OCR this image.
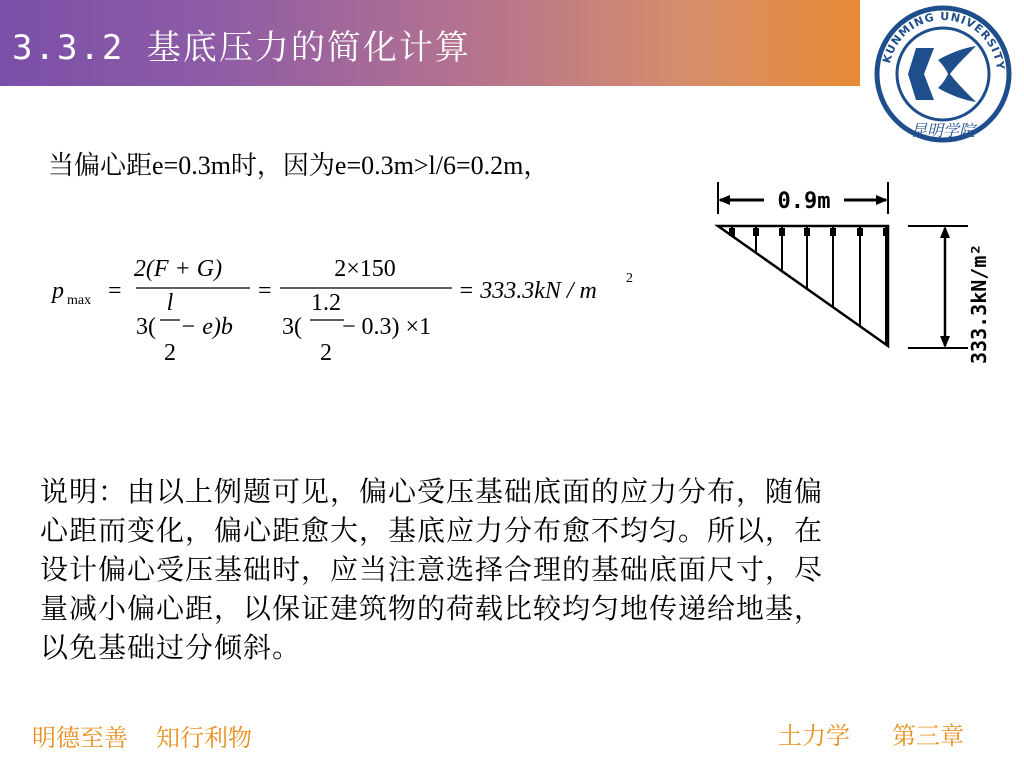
3.3.2 基底压力的简化计算	KUNMING UNIVERSITY
昆明学院
当偏心距e=0.3m时，因为e=0.3m>l/6=0.2m，
p max =
2(F + G)
3(
l
2
− e)b
=
2×150
3(
1.2
2
− 0.3) ×1
= 333.3kN / m 2
0.9m
333.3kN/m²
说明：由以上例题可见，偏心受压基础底面的应力分布，随偏
心距而变化，偏心距愈大，基底应力分布愈不均匀。所以，在
设计偏心受压基础时，应当注意选择合理的基础底面尺寸，尽
量减小偏心距，以保证建筑物的荷载比较均匀地传递给地基，
以免基础过分倾斜。
明德至善 知行利物	土力学 第三章
